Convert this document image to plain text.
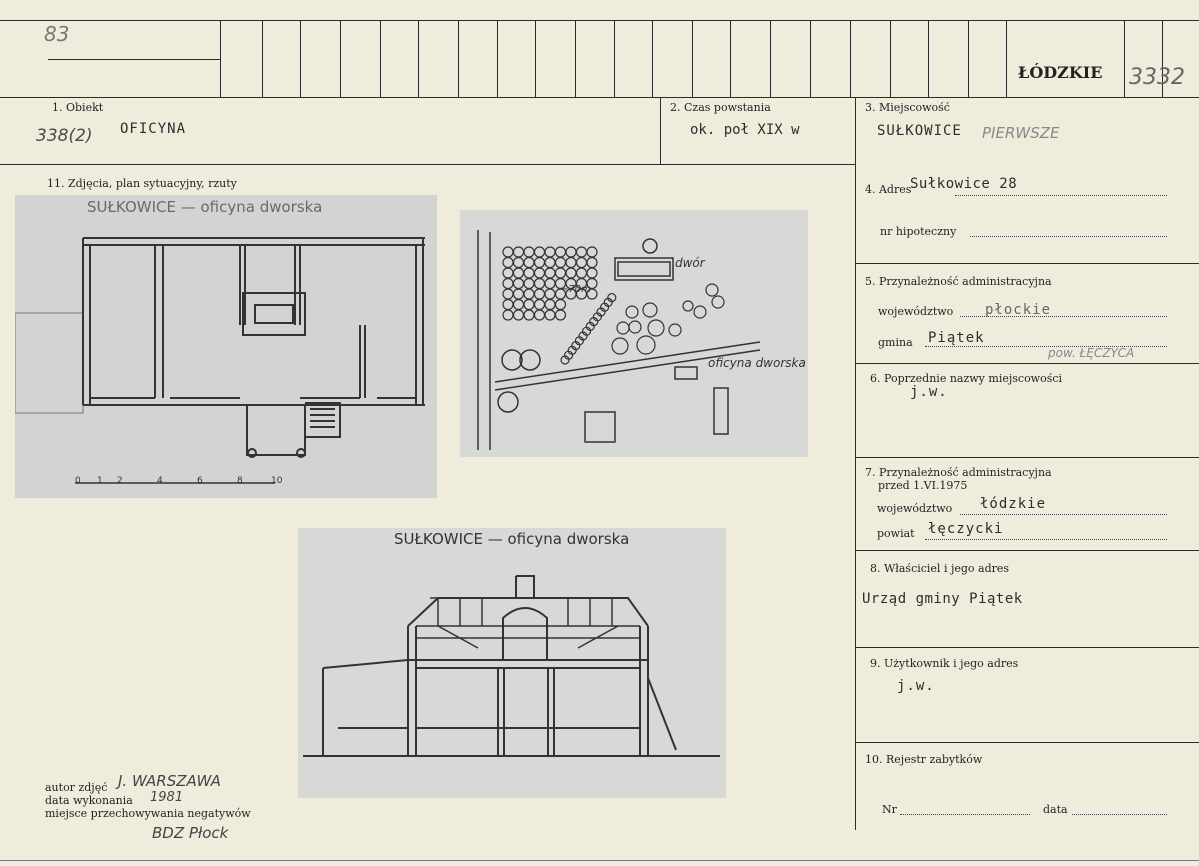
83
ŁÓDZKIE 3332
1. Obiekt
338(2) OFICYNA
2. Czas powstania
ok. poł XIX w
3. Miejscowość
SUŁKOWICE PIERWSZE
11. Zdjęcia, plan sytuacyjny, rzuty	4. Adres
Sułkowice 28
nr hipoteczny
5. Przynależność administracyjna
województwo płockie
gmina Piątek
pow. ŁĘCZYCA
6. Poprzednie nazwy miejscowości
j.w.
7. Przynależność administracyjna
przed 1.VI.1975
województwo łódzkie
powiat łęczycki
8. Właściciel i jego adres
Urząd gminy Piątek
9. Użytkownik i jego adres
j.w.
10. Rejestr zabytków
Nr	data
SUŁKOWICE — oficyna dworska
0 1 2	4	6	8	10
dwór
oficyna dworska
~70m
SUŁKOWICE — oficyna dworska
autor zdjęć J. WARSZAWA
data wykonania 1981
miejsce przechowywania negatywów
BDZ Płock
